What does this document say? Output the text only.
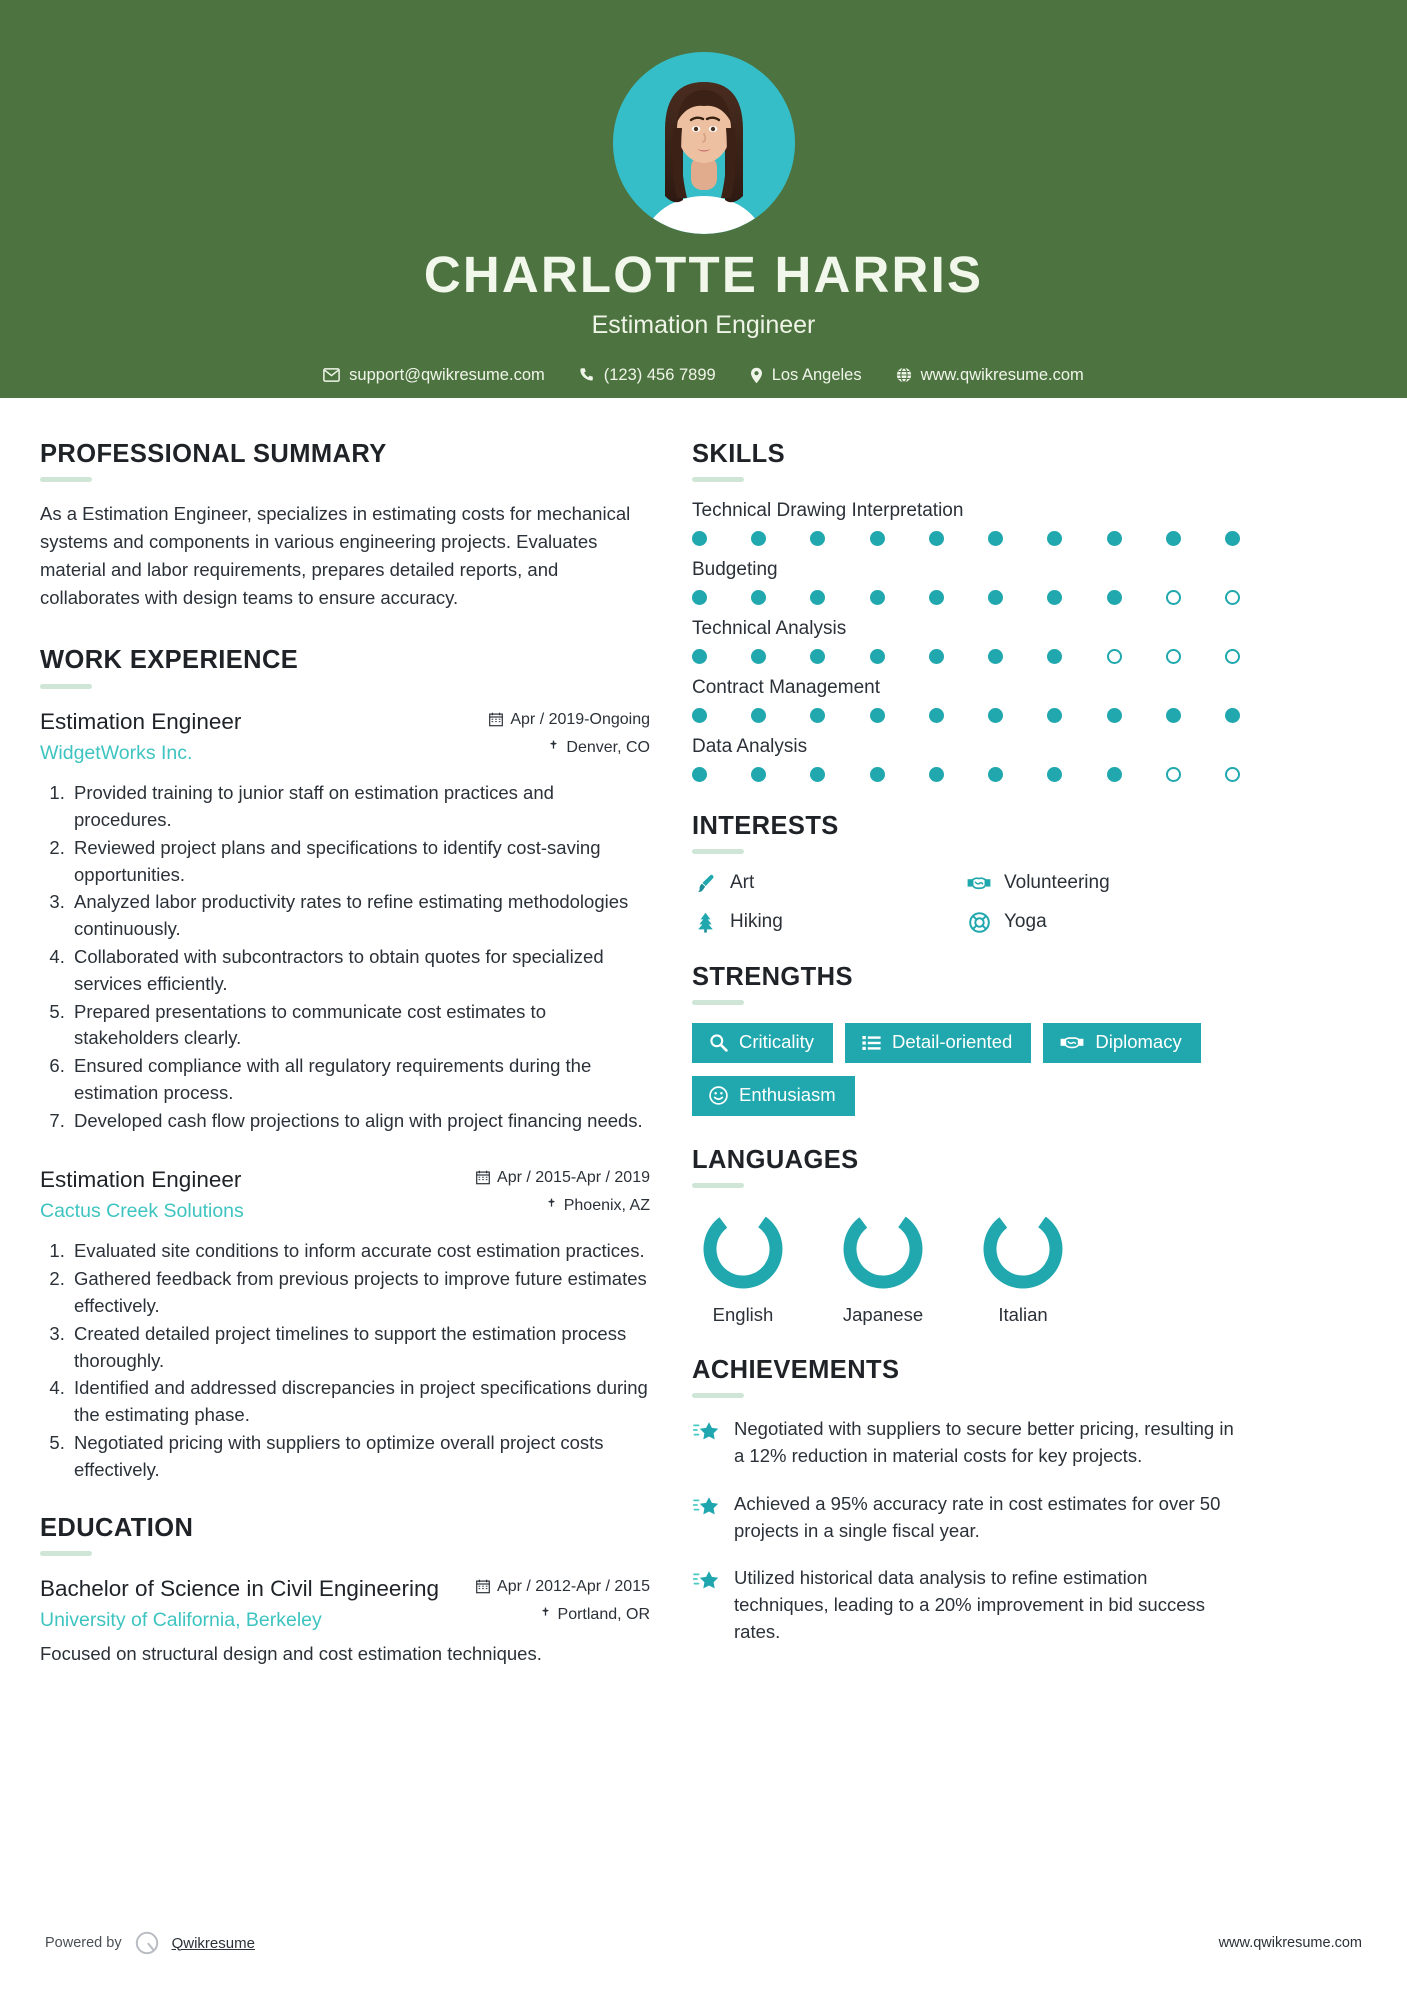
CHARLOTTE HARRIS
Estimation Engineer
support@qwikresume.com	(123) 456 7899	Los Angeles	www.qwikresume.com
PROFESSIONAL SUMMARY
As a Estimation Engineer, specializes in estimating costs for mechanical systems and components in various engineering projects. Evaluates material and labor requirements, prepares detailed reports, and collaborates with design teams to ensure accuracy.
WORK EXPERIENCE
Estimation Engineer
WidgetWorks Inc.
Apr / 2019-Ongoing
Denver, CO
1. Provided training to junior staff on estimation practices and procedures.
2. Reviewed project plans and specifications to identify cost-saving opportunities.
3. Analyzed labor productivity rates to refine estimating methodologies continuously.
4. Collaborated with subcontractors to obtain quotes for specialized services efficiently.
5. Prepared presentations to communicate cost estimates to stakeholders clearly.
6. Ensured compliance with all regulatory requirements during the estimation process.
7. Developed cash flow projections to align with project financing needs.
Estimation Engineer
Cactus Creek Solutions
Apr / 2015-Apr / 2019
Phoenix, AZ
1. Evaluated site conditions to inform accurate cost estimation practices.
2. Gathered feedback from previous projects to improve future estimates effectively.
3. Created detailed project timelines to support the estimation process thoroughly.
4. Identified and addressed discrepancies in project specifications during the estimating phase.
5. Negotiated pricing with suppliers to optimize overall project costs effectively.
EDUCATION
Bachelor of Science in Civil Engineering
University of California, Berkeley
Apr / 2012-Apr / 2015
Portland, OR
Focused on structural design and cost estimation techniques.
SKILLS
Technical Drawing Interpretation
Budgeting
Technical Analysis
Contract Management
Data Analysis
INTERESTS
Art	Volunteering
Hiking	Yoga
STRENGTHS
Criticality	Detail-oriented	Diplomacy
Enthusiasm
LANGUAGES
English	Japanese	Italian
ACHIEVEMENTS
Negotiated with suppliers to secure better pricing, resulting in a 12% reduction in material costs for key projects.
Achieved a 95% accuracy rate in cost estimates for over 50 projects in a single fiscal year.
Utilized historical data analysis to refine estimation techniques, leading to a 20% improvement in bid success rates.
Powered by	Qwikresume	www.qwikresume.com
